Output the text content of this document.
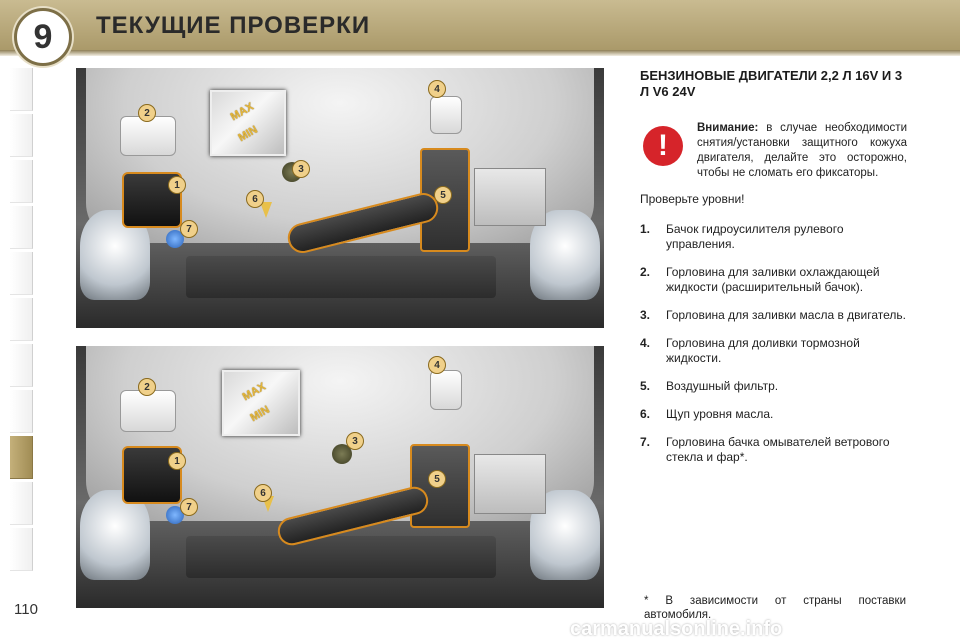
9	ТЕКУЩИЕ ПРОВЕРКИ
MAX
MIN
2
1
7
3
6
4
5
MAX
MIN
2
1
7
3
6
4
5
БЕНЗИНОВЫЕ ДВИГАТЕЛИ 2,2 Л 16V И 3 Л V6 24V
!
Внимание: в случае необходимости снятия/установки защитного кожуха двигателя, делайте это осторожно, чтобы не сломать его фиксаторы.
Проверьте уровни!
1.	Бачок гидроусилителя рулевого управления.
2.	Горловина для заливки охлаждающей жидкости (расширительный бачок).
3.	Горловина для заливки масла в двигатель.
4.	Горловина для доливки тормозной жидкости.
5.	Воздушный фильтр.
6.	Щуп уровня масла.
7.	Горловина бачка омывателей ветрового стекла и фар*.
* В зависимости от страны поставки автомобиля.
110
carmanualsonline.info
